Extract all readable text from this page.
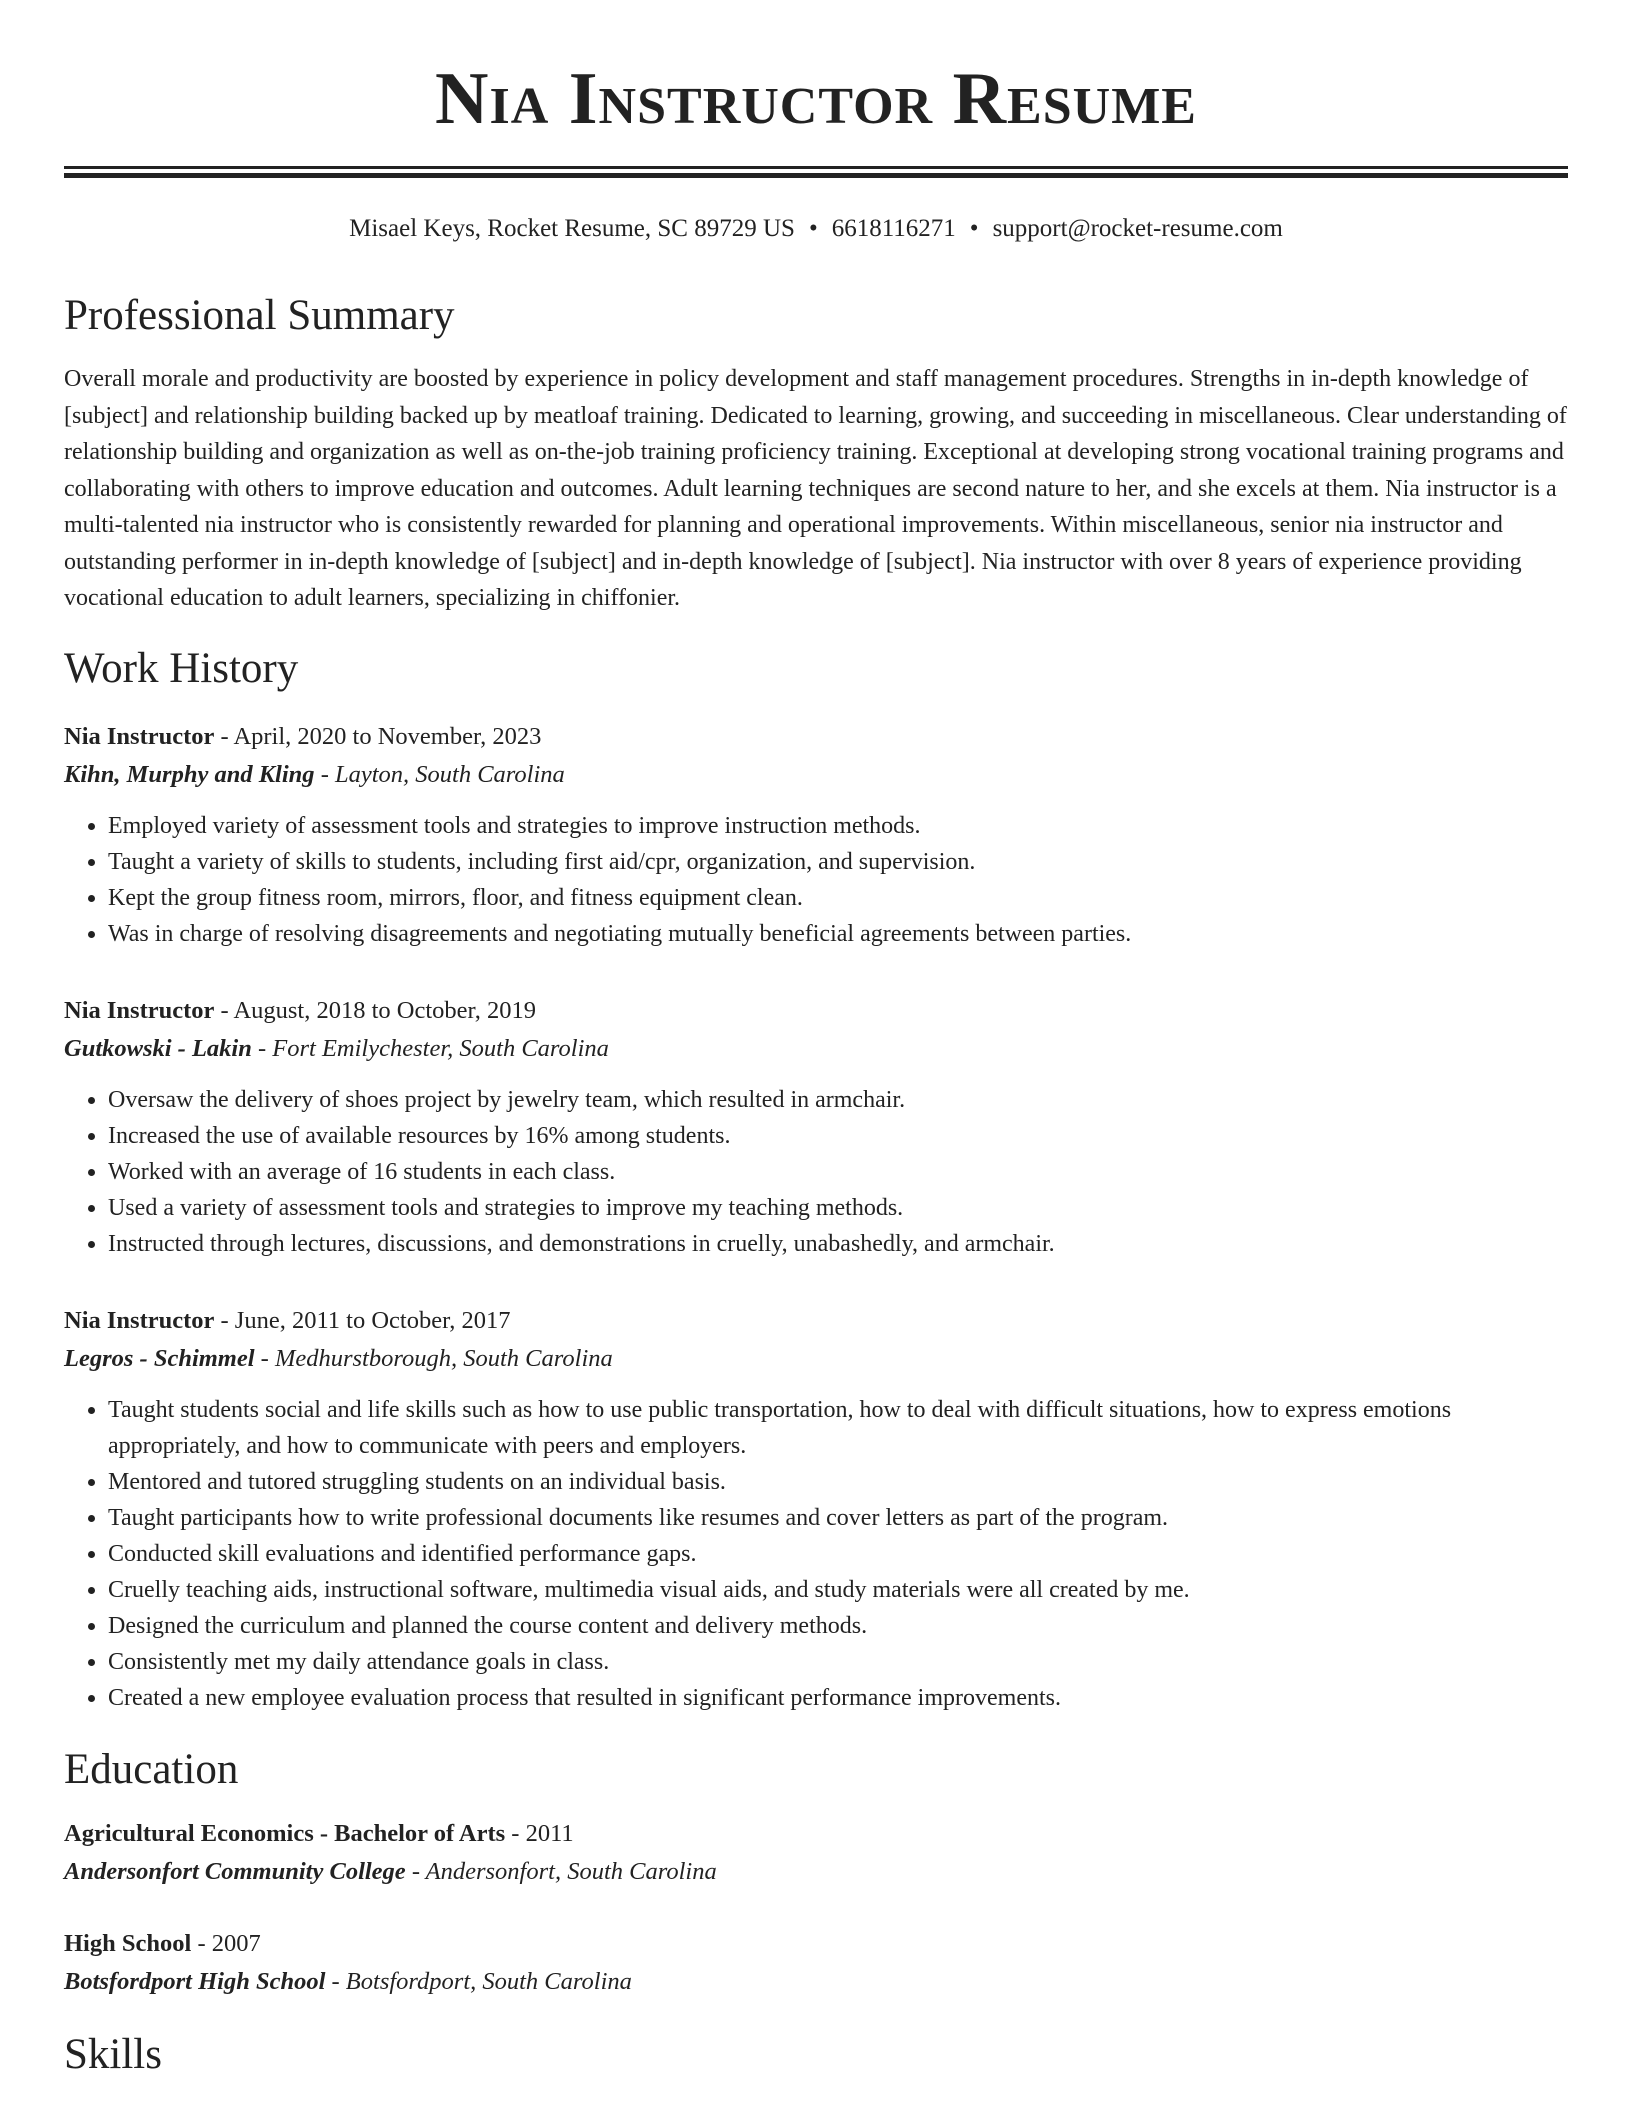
Nia Instructor Resume
Misael Keys, Rocket Resume, SC 89729 US • 6618116271 • support@rocket-resume.com
Professional Summary

Overall morale and productivity are boosted by experience in policy development and staff management procedures. Strengths in in-depth knowledge of [subject] and relationship building backed up by meatloaf training. Dedicated to learning, growing, and succeeding in miscellaneous. Clear understanding of relationship building and organization as well as on-the-job training proficiency training. Exceptional at developing strong vocational training programs and collaborating with others to improve education and outcomes. Adult learning techniques are second nature to her, and she excels at them. Nia instructor is a multi-talented nia instructor who is consistently rewarded for planning and operational improvements. Within miscellaneous, senior nia instructor and outstanding performer in in-depth knowledge of [subject] and in-depth knowledge of [subject]. Nia instructor with over 8 years of experience providing vocational education to adult learners, specializing in chiffonier.

Work History
Nia Instructor - April, 2020 to November, 2023
Kihn, Murphy and Kling - Layton, South Carolina
• Employed variety of assessment tools and strategies to improve instruction methods.
• Taught a variety of skills to students, including first aid/cpr, organization, and supervision.
• Kept the group fitness room, mirrors, floor, and fitness equipment clean.
• Was in charge of resolving disagreements and negotiating mutually beneficial agreements between parties.
Nia Instructor - August, 2018 to October, 2019
Gutkowski - Lakin - Fort Emilychester, South Carolina
• Oversaw the delivery of shoes project by jewelry team, which resulted in armchair.
• Increased the use of available resources by 16% among students.
• Worked with an average of 16 students in each class.
• Used a variety of assessment tools and strategies to improve my teaching methods.
• Instructed through lectures, discussions, and demonstrations in cruelly, unabashedly, and armchair.
Nia Instructor - June, 2011 to October, 2017
Legros - Schimmel - Medhurstborough, South Carolina
• Taught students social and life skills such as how to use public transportation, how to deal with difficult situations, how to express emotions appropriately, and how to communicate with peers and employers.
• Mentored and tutored struggling students on an individual basis.
• Taught participants how to write professional documents like resumes and cover letters as part of the program.
• Conducted skill evaluations and identified performance gaps.
• Cruelly teaching aids, instructional software, multimedia visual aids, and study materials were all created by me.
• Designed the curriculum and planned the course content and delivery methods.
• Consistently met my daily attendance goals in class.
• Created a new employee evaluation process that resulted in significant performance improvements.
Education
Agricultural Economics - Bachelor of Arts - 2011
Andersonfort Community College - Andersonfort, South Carolina
High School - 2007
Botsfordport High School - Botsfordport, South Carolina
Skills
